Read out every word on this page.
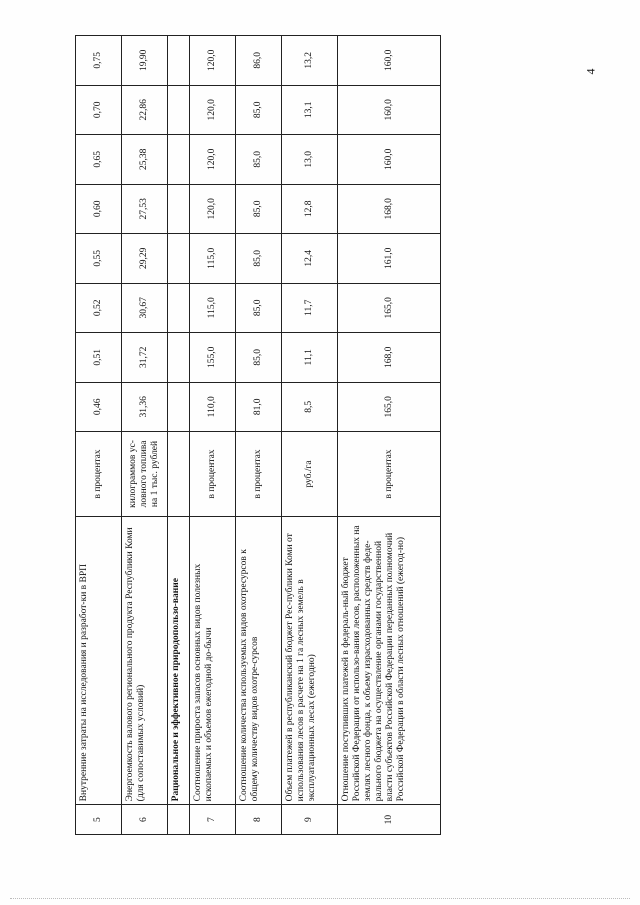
4
5	Внутренние затраты на исследования и разработ-ки в ВРП	в процентах	0,46	0,51	0,52	0,55	0,60	0,65	0,70	0,75
6	Энергоемкость валового регионального продукта Республики Коми (для сопоставимых условий)	килограммов ус-ловного топлива на 1 тыс. рублей	31,36	31,72	30,67	29,29	27,53	25,38	22,86	19,90
	Рациональное и эффективное природопользо-вание									
7	Соотношение прироста запасов основных видов полезных ископаемых и объемов ежегодной до-бычи	в процентах	110,0	155,0	115,0	115,0	120,0	120,0	120,0	120,0
8	Соотношение количества используемых видов охотресурсов к общему количеству видов охотре-сурсов	в процентах	81,0	85,0	85,0	85,0	85,0	85,0	85,0	86,0
9	Объем платежей в республиканский бюджет Рес-публики Коми от использования лесов в расчете на 1 га лесных земель в эксплуатационных лесах (ежегодно)	руб./га	8,5	11,1	11,7	12,4	12,8	13,0	13,1	13,2
10	Отношение поступивших платежей в федераль-ный бюджет Российской Федерации от использо-вания лесов, расположенных на землях лесного фонда, к объему израсходованных средств феде-рального бюджета на осуществление органами государственной власти субъектов Российской Федерации переданных полномочий Российской Федерации в области лесных отношений (ежегод-но)	в процентах	165,0	168,0	165,0	161,0	168,0	160,0	160,0	160,0
